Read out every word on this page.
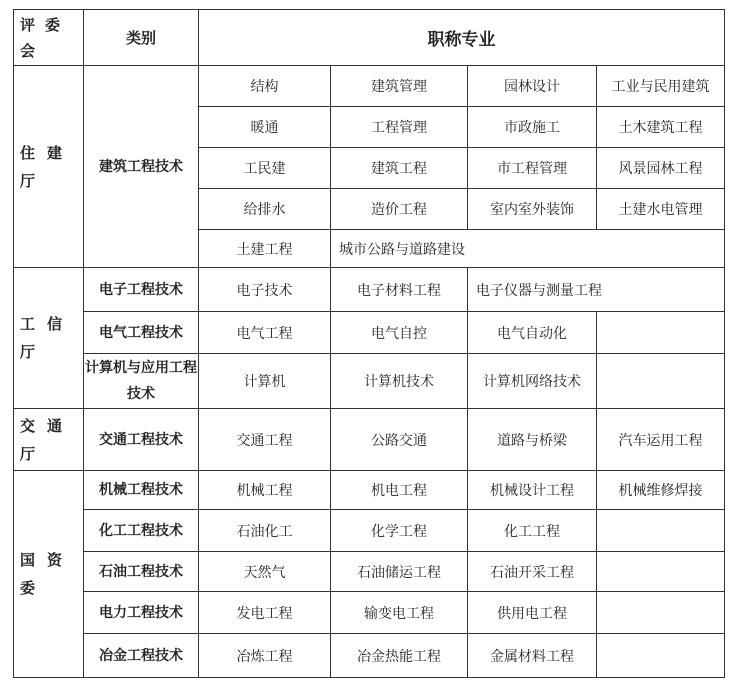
评委会	类别	职称专业			
住建厅	建筑工程技术	结构	建筑管理	园林设计	工业与民用建筑
		暖通	工程管理	市政施工	土木建筑工程
		工民建	建筑工程	市工程管理	风景园林工程
		给排水	造价工程	室内室外装饰	土建水电管理
		土建工程	城市公路与道路建设		
工信厅	电子工程技术	电子技术	电子材料工程	电子仪器与测量工程	
	电气工程技术	电气工程	电气自控	电气自动化	
	计算机与应用工程技术	计算机	计算机技术	计算机网络技术	
交通厅	交通工程技术	交通工程	公路交通	道路与桥梁	汽车运用工程
国资委	机械工程技术	机械工程	机电工程	机械设计工程	机械维修焊接
	化工工程技术	石油化工	化学工程	化工工程	
	石油工程技术	天然气	石油储运工程	石油开采工程	
	电力工程技术	发电工程	输变电工程	供用电工程	
	冶金工程技术	冶炼工程	冶金热能工程	金属材料工程	
